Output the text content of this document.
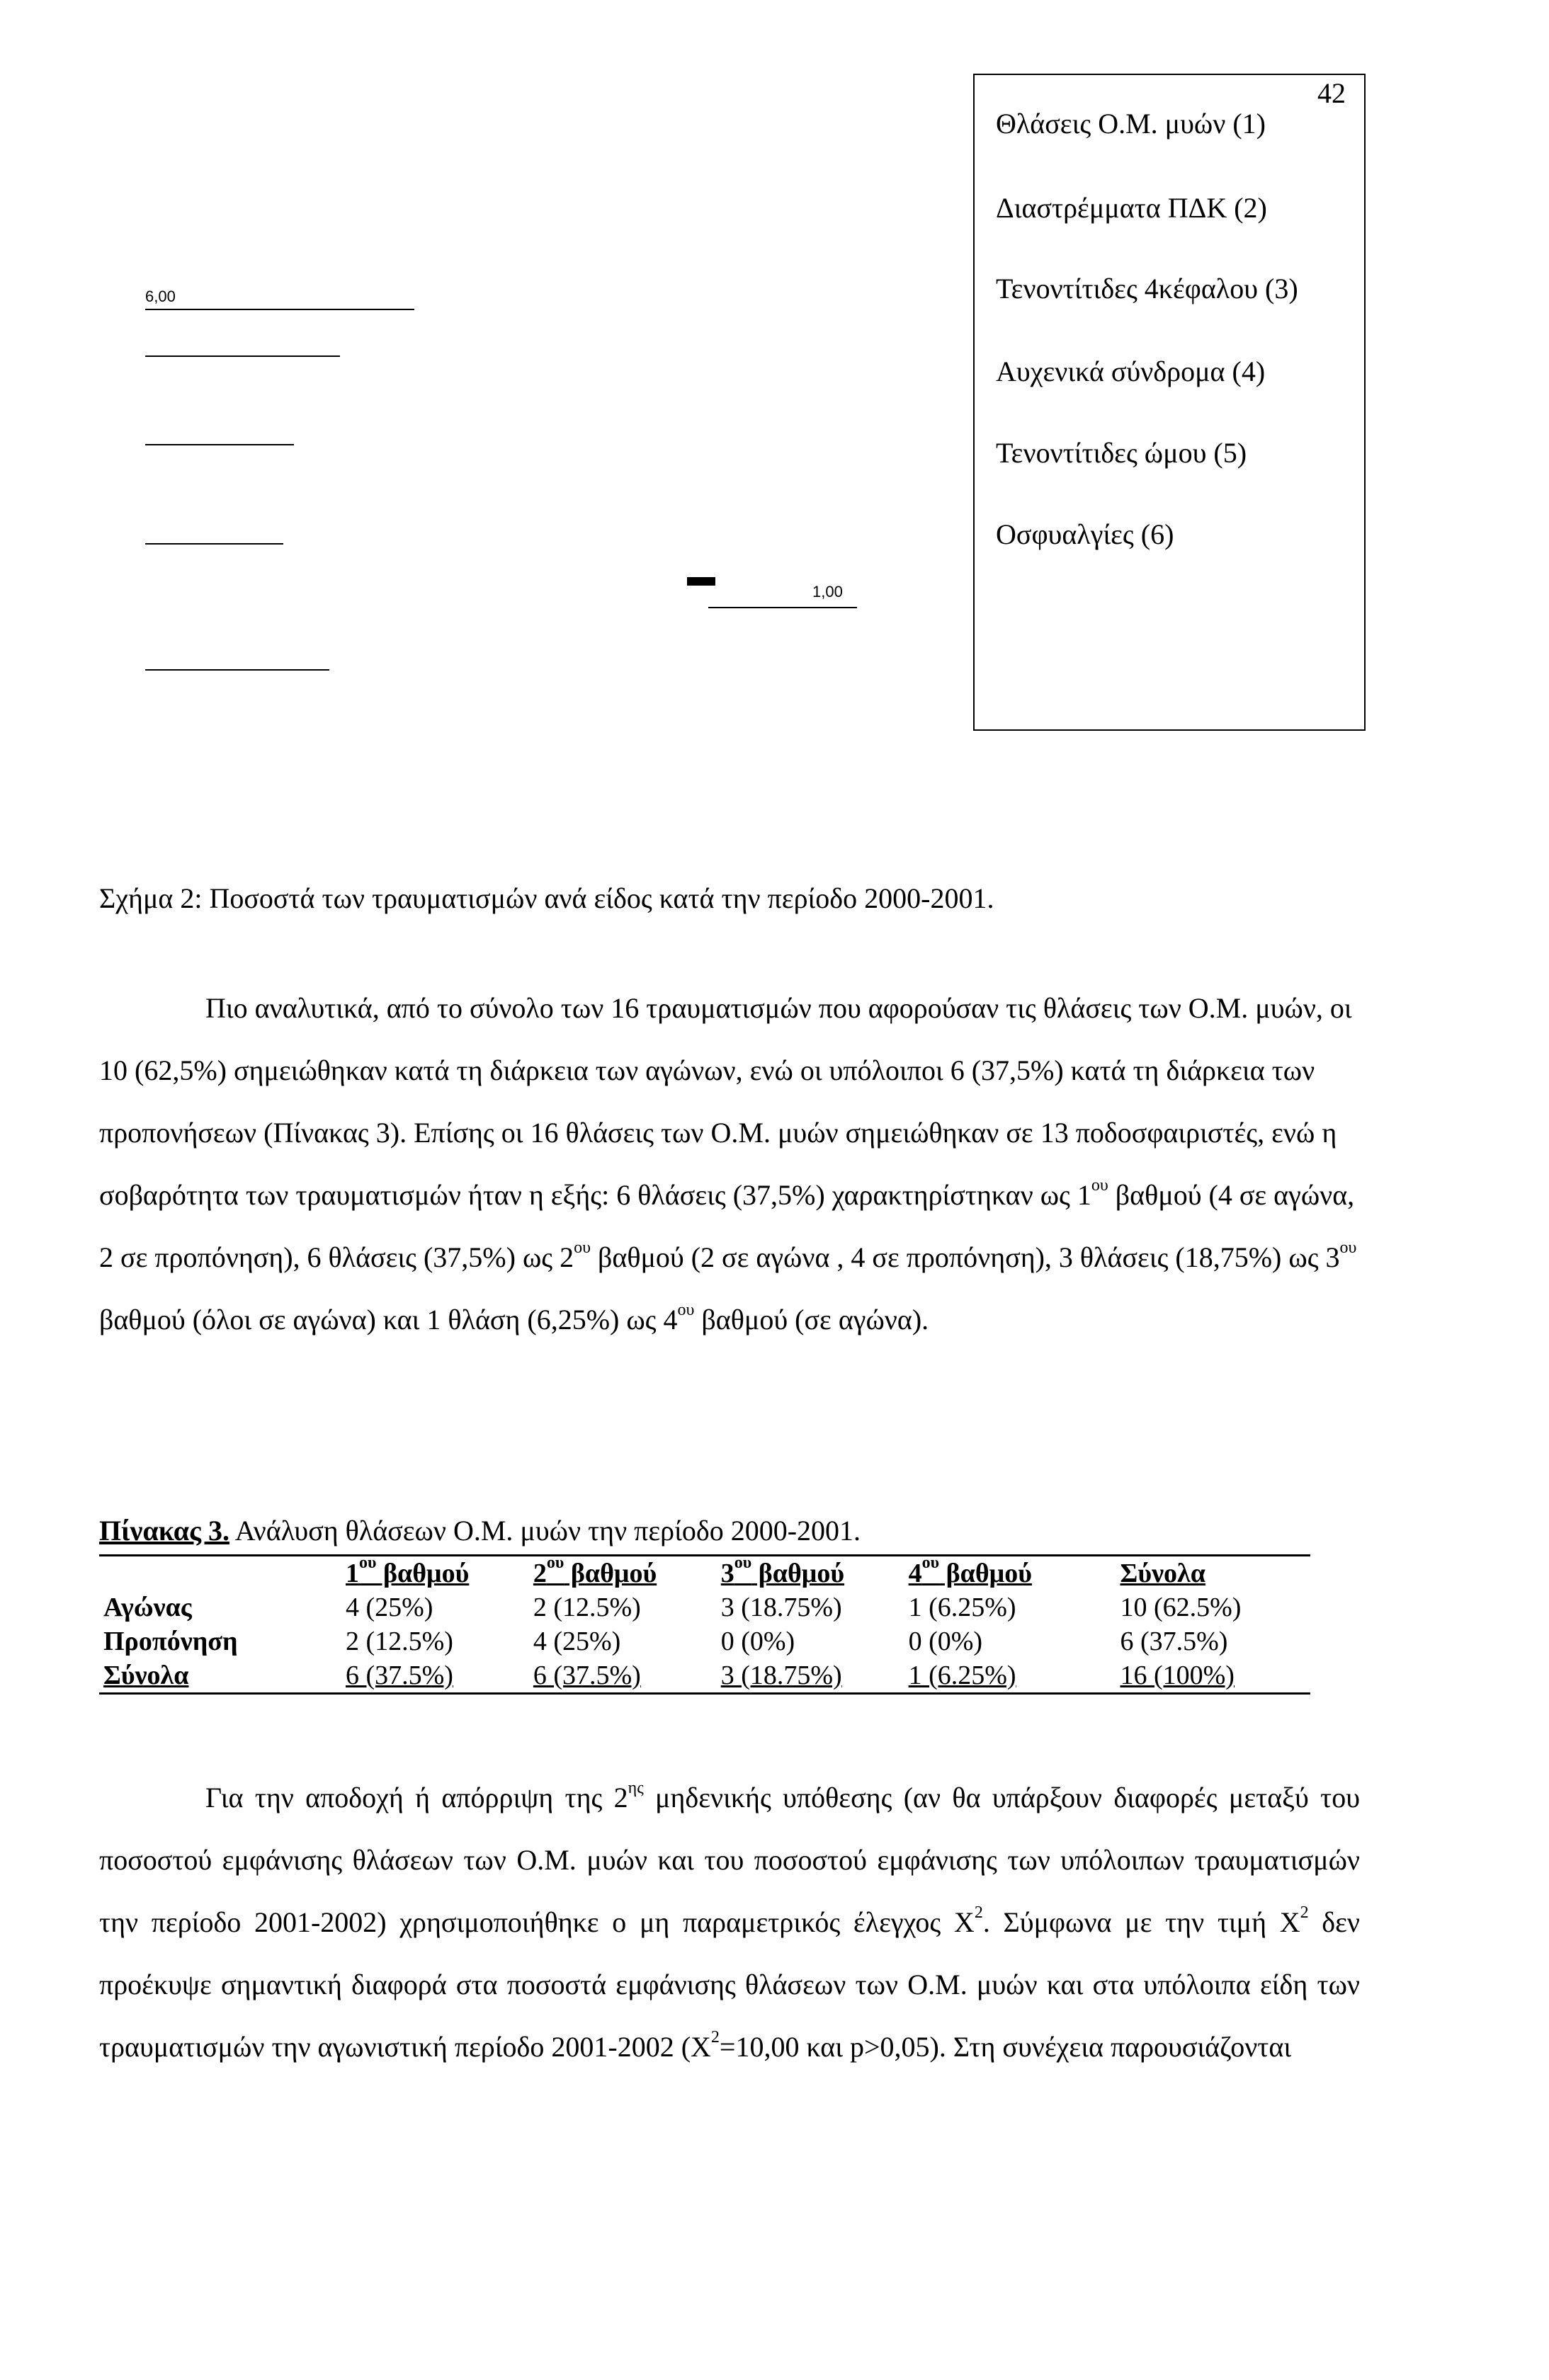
42
6,00
1,00
Θλάσεις Ο.Μ. μυών (1)
Διαστρέμματα ΠΔΚ (2)
Τενοντίτιδες 4κέφαλου (3)
Αυχενικά σύνδρομα (4)
Τενοντίτιδες ώμου (5)
Οσφυαλγίες (6)
Σχήμα 2: Ποσοστά των τραυματισμών ανά είδος κατά την περίοδο 2000-2001.

Πιο αναλυτικά, από το σύνολο των 16 τραυματισμών που αφορούσαν τις θλάσεις των Ο.Μ. μυών, οι 10 (62,5%) σημειώθηκαν κατά τη διάρκεια των αγώνων, ενώ οι υπόλοιποι 6 (37,5%) κατά τη διάρκεια των προπονήσεων (Πίνακας 3). Επίσης οι 16 θλάσεις των Ο.Μ. μυών σημειώθηκαν σε 13 ποδοσφαιριστές, ενώ η σοβαρότητα των τραυματισμών ήταν η εξής: 6 θλάσεις (37,5%) χαρακτηρίστηκαν ως $1^{o\upsilon}$ βαθμού (4 σε αγώνα, 2 σε προπόνηση), 6 θλάσεις (37,5%) ως $2^{o\upsilon}$ βαθμού (2 σε αγώνα , 4 σε προπόνηση), 3 θλάσεις (18,75%) ως $3^{o\upsilon}$ βαθμού (όλοι σε αγώνα) και 1 θλάση (6,25%) ως $4^{o\upsilon}$ βαθμού (σε αγώνα).

Πίνακας 3. Ανάλυση θλάσεων Ο.Μ. μυών την περίοδο 2000-2001.
	$1^{o\upsilon}$ βαθμού	$2^{o\upsilon}$ βαθμού	$3^{o\upsilon}$ βαθμού	$4^{o\upsilon}$ βαθμού	Σύνολα
Αγώνας	4 (25%)	2 (12.5%)	3 (18.75%)	1 (6.25%)	10 (62.5%)
Προπόνηση	2 (12.5%)	4 (25%)	0 (0%)	0 (0%)	6 (37.5%)
Σύνολα	6 (37.5%)	6 (37.5%)	3 (18.75%)	1 (6.25%)	16 (100%)

Για την αποδοχή ή απόρριψη της $2^{\eta\varsigma}$ μηδενικής υπόθεσης (αν θα υπάρξουν διαφορές μεταξύ του ποσοστού εμφάνισης θλάσεων των Ο.Μ. μυών και του ποσοστού εμφάνισης των υπόλοιπων τραυματισμών την περίοδο 2001-2002) χρησιμοποιήθηκε ο μη παραμετρικός έλεγχος $X^2$. Σύμφωνα με την τιμή $X^2$ δεν προέκυψε σημαντική διαφορά στα ποσοστά εμφάνισης θλάσεων των Ο.Μ. μυών και στα υπόλοιπα είδη των τραυματισμών την αγωνιστική περίοδο 2001-2002 ($X^2=10,00$ και p>0,05). Στη συνέχεια παρουσιάζονται
